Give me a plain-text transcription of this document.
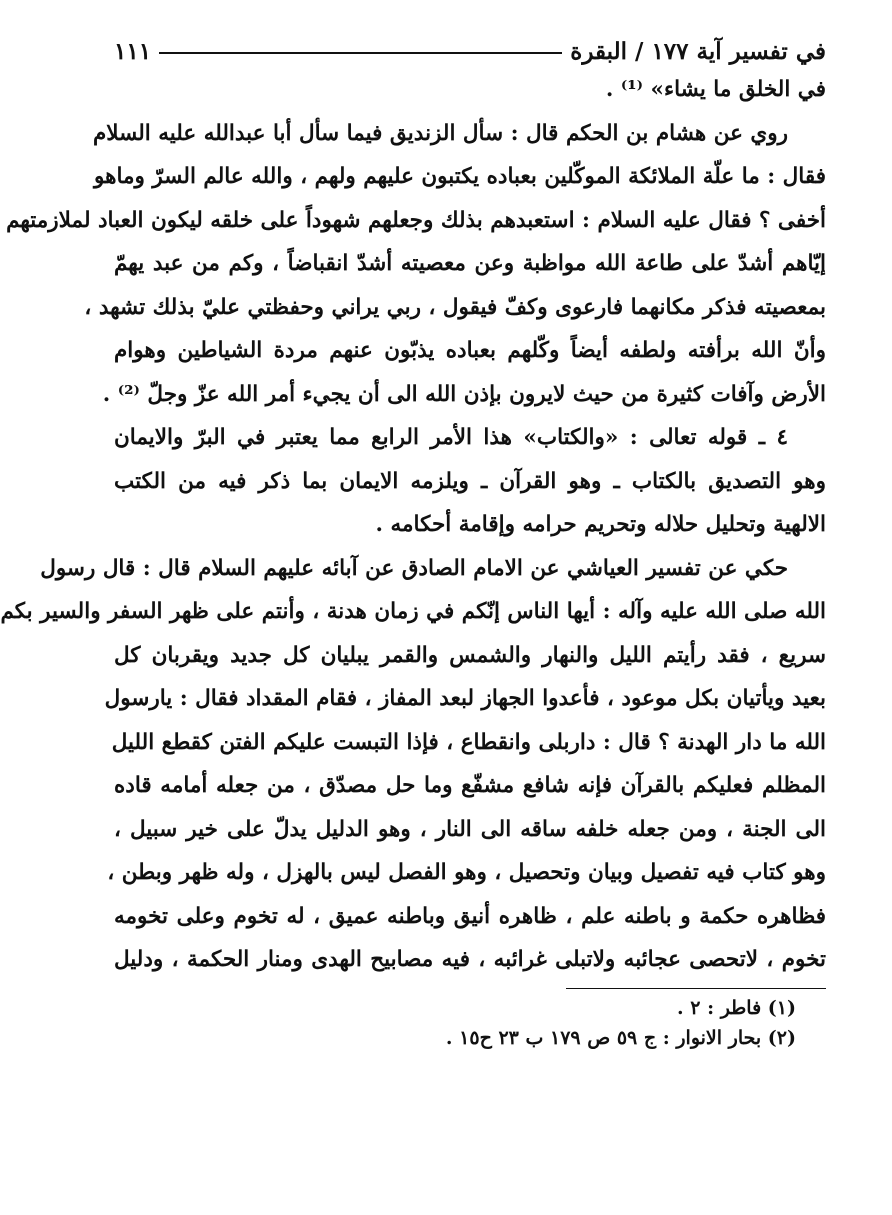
في تفسير آية ١٧٧ / البقرة
١١١
في الخلق ما يشاء» ⁽¹⁾ .
روي عن هشام بن الحكم قال : سأل الزنديق فيما سأل أبا عبدالله عليه السلام
فقال : ما علّة الملائكة الموكّلين بعباده يكتبون عليهم ولهم ، والله عالم السرّ وماهو
أخفى ؟ فقال عليه السلام : استعبدهم بذلك وجعلهم شهوداً على خلقه ليكون العباد لملازمتهم
إيّاهم أشدّ على طاعة الله مواظبة وعن معصيته أشدّ انقباضاً ، وكم من عبد يهمّ
بمعصيته فذكر مكانهما فارعوى وكفّ فيقول ، ربي يراني وحفظتي عليّ بذلك تشهد ،
وأنّ الله برأفته ولطفه أيضاً وكّلهم بعباده يذبّون عنهم مردة الشياطين وهوام
الأرض وآفات كثيرة من حيث لايرون بإذن الله الى أن يجيء أمر الله عزّ وجلّ ⁽²⁾ .
٤ ـ قوله تعالى : «والكتاب» هذا الأمر الرابع مما يعتبر في البرّ والايمان
وهو التصديق بالكتاب ـ وهو القرآن ـ ويلزمه الايمان بما ذكر فيه من الكتب
الالهية وتحليل حلاله وتحريم حرامه وإقامة أحكامه .
حكي عن تفسير العياشي عن الامام الصادق عن آبائه عليهم السلام قال : قال رسول
الله صلى الله عليه وآله : أيها الناس إنّكم في زمان هدنة ، وأنتم على ظهر السفر والسير بكم
سريع ، فقد رأيتم الليل والنهار والشمس والقمر يبليان كل جديد ويقربان كل
بعيد ويأتيان بكل موعود ، فأعدوا الجهاز لبعد المفاز ، فقام المقداد فقال : يارسول
الله ما دار الهدنة ؟ قال : داربلى وانقطاع ، فإذا التبست عليكم الفتن كقطع الليل
المظلم فعليكم بالقرآن فإنه شافع مشفّع وما حل مصدّق ، من جعله أمامه قاده
الى الجنة ، ومن جعله خلفه ساقه الى النار ، وهو الدليل يدلّ على خير سبيل ،
وهو كتاب فيه تفصيل وبيان وتحصيل ، وهو الفصل ليس بالهزل ، وله ظهر وبطن ،
فظاهره حكمة و باطنه علم ، ظاهره أنيق وباطنه عميق ، له تخوم وعلى تخومه
تخوم ، لاتحصى عجائبه ولاتبلى غرائبه ، فيه مصابيح الهدى ومنار الحكمة ، ودليل
(١) فاطر : ٢ .
(٢) بحار الانوار : ج ٥٩ ص ١٧٩ ب ٢٣ ح١٥ .
